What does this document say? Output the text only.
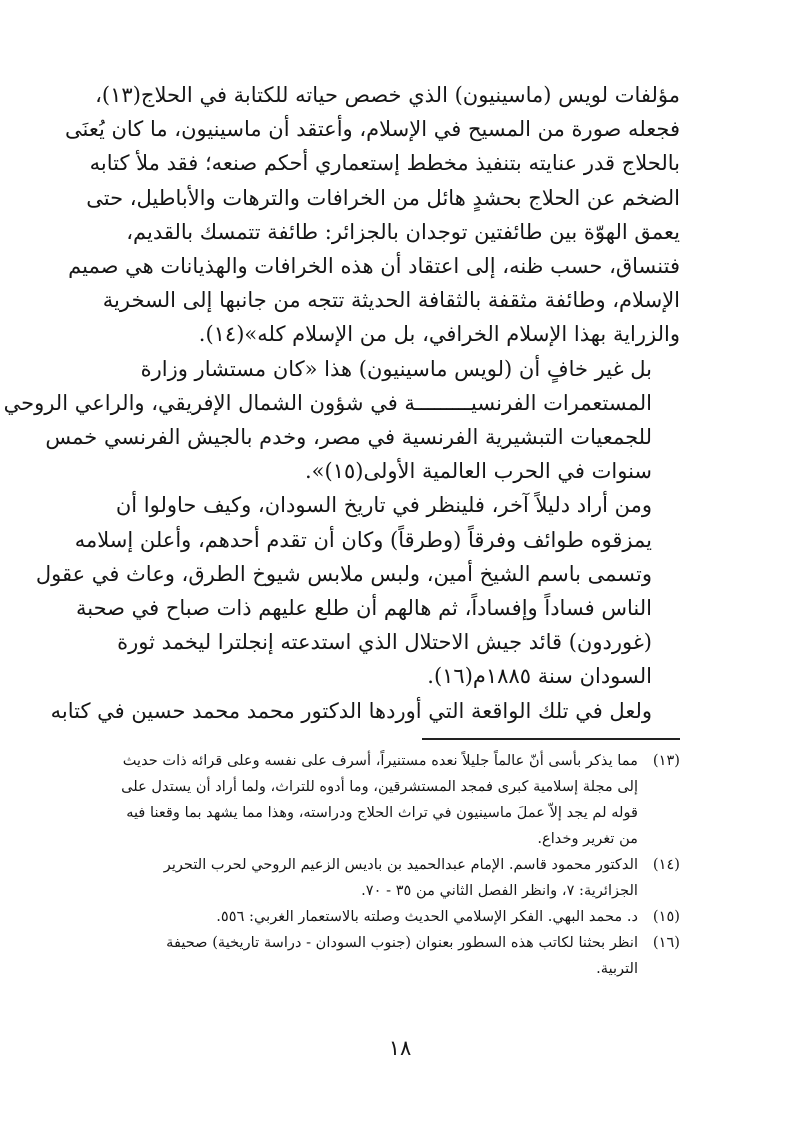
مؤلفات لويس (ماسينيون) الذي خصص حياته للكتابة في الحلاج(١٣)،
فجعله صورة من المسيح في الإسلام، وأعتقد أن ماسينيون، ما كان يُعنَى
بالحلاج قدر عنايته بتنفيذ مخطط إستعماري أحكم صنعه؛ فقد ملأ كتابه
الضخم عن الحلاج بحشدٍ هائل من الخرافات والترهات والأباطيل، حتى
يعمق الهوّة بين طائفتين توجدان بالجزائر: طائفة تتمسك بالقديم،
فتنساق، حسب ظنه، إلى اعتقاد أن هذه الخرافات والهذيانات هي صميم
الإسلام، وطائفة مثقفة بالثقافة الحديثة تتجه من جانبها إلى السخرية
والزراية بهذا الإسلام الخرافي، بل من الإسلام كله»(١٤).
بل غير خافٍ أن (لويس ماسينيون) هذا «كان مستشار وزارة
المستعمرات الفرنسيـــــــــة في شؤون الشمال الإفريقي، والراعي الروحي
للجمعيات التبشيرية الفرنسية في مصر، وخدم بالجيش الفرنسي خمس
سنوات في الحرب العالمية الأولى(١٥)».
ومن أراد دليلاً آخر، فلينظر في تاريخ السودان، وكيف حاولوا أن
يمزقوه طوائف وفرقاً (وطرقاً) وكان أن تقدم أحدهم، وأعلن إسلامه
وتسمى باسم الشيخ أمين، ولبس ملابس شيوخ الطرق، وعاث في عقول
الناس فساداً وإفساداً، ثم هالهم أن طلع عليهم ذات صباح في صحبة
(غوردون) قائد جيش الاحتلال الذي استدعته إنجلترا ليخمد ثورة
السودان سنة ١٨٨٥م(١٦).
ولعل في تلك الواقعة التي أوردها الدكتور محمد محمد حسين في كتابه
(١٣)
مما يذكر بأسى أنّ عالماً جليلاً نعده مستنيراً، أسرف على نفسه وعلى قرائه ذات حديث
إلى مجلة إسلامية كبرى فمجد المستشرقين، وما أدوه للتراث، ولما أراد أن يستدل على
قوله لم يجد إلاّ عملَ ماسينيون في تراث الحلاج ودراسته، وهذا مما يشهد بما وقعنا فيه
من تغرير وخداع.
(١٤)
الدكتور محمود قاسم. الإمام عبدالحميد بن باديس الزعيم الروحي لحرب التحرير
الجزائرية: ٧، وانظر الفصل الثاني من ٣٥ - ٧٠.
(١٥)
د. محمد البهي. الفكر الإسلامي الحديث وصلته بالاستعمار الغربي: ٥٥٦.
(١٦)
انظر بحثنا لكاتب هذه السطور بعنوان (جنوب السودان - دراسة تاريخية) صحيفة
التربية.
١٨
